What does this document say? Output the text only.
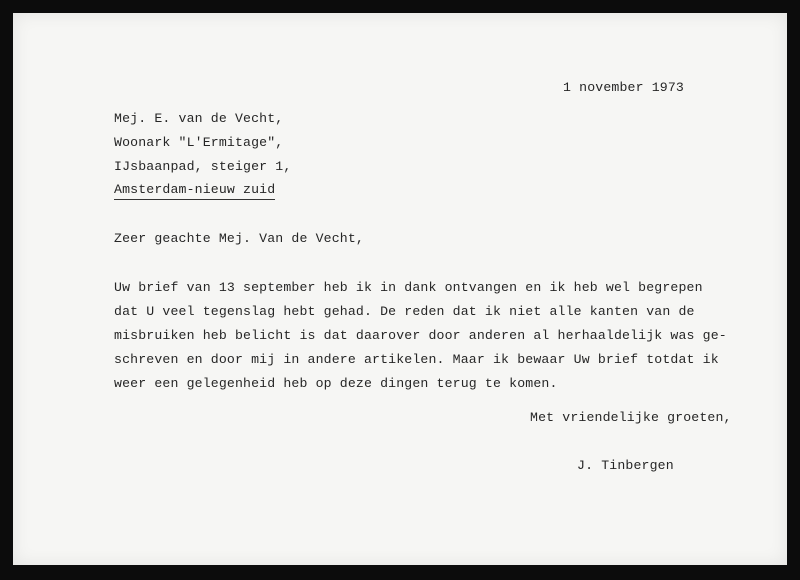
1 november 1973
Mej. E. van de Vecht,
Woonark "L'Ermitage",
IJsbaanpad, steiger 1,
Amsterdam-nieuw zuid
Zeer geachte Mej. Van de Vecht,
Uw brief van 13 september heb ik in dank ontvangen en ik heb wel begrepen
dat U veel tegenslag hebt gehad. De reden dat ik niet alle kanten van de
misbruiken heb belicht is dat daarover door anderen al herhaaldelijk was ge-
schreven en door mij in andere artikelen. Maar ik bewaar Uw brief totdat ik
weer een gelegenheid heb op deze dingen terug te komen.
Met vriendelijke groeten,
J. Tinbergen
